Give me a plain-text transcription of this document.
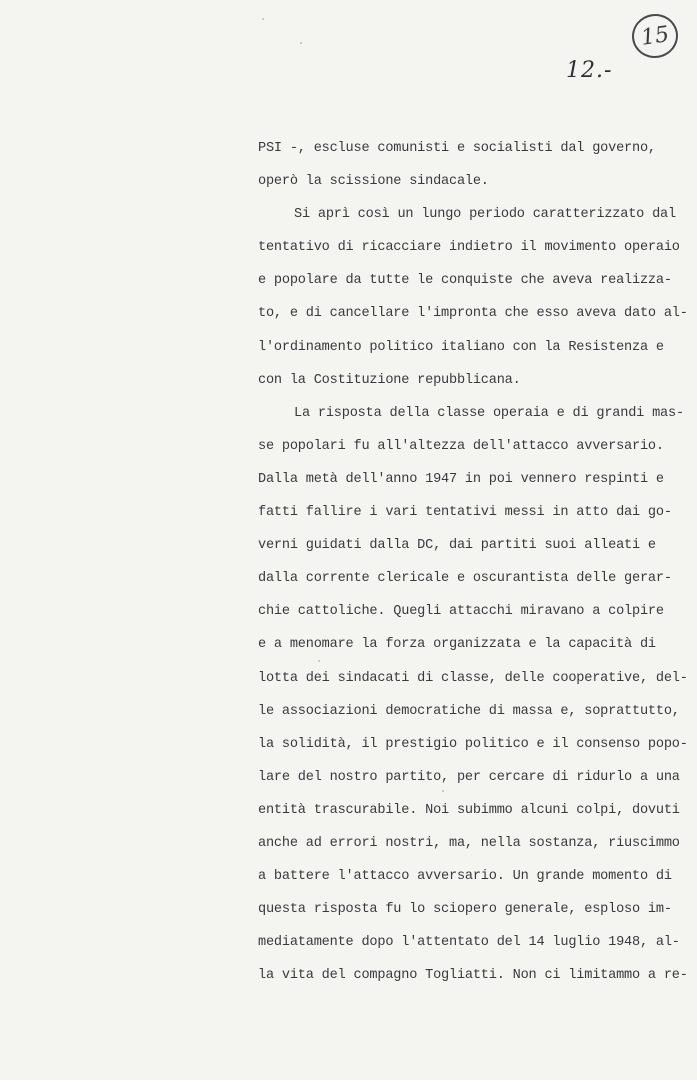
15
12.-
PSI -, escluse comunisti e socialisti dal governo,
operò la scissione sindacale.
Si aprì così un lungo periodo caratterizzato dal
tentativo di ricacciare indietro il movimento operaio
e popolare da tutte le conquiste che aveva realizza-
to, e di cancellare l'impronta che esso aveva dato al-
l'ordinamento politico italiano con la Resistenza e
con la Costituzione repubblicana.
La risposta della classe operaia e di grandi mas-
se popolari fu all'altezza dell'attacco avversario.
Dalla metà dell'anno 1947 in poi vennero respinti e
fatti fallire i vari tentativi messi in atto dai go-
verni guidati dalla DC, dai partiti suoi alleati e
dalla corrente clericale e oscurantista delle gerar-
chie cattoliche. Quegli attacchi miravano a colpire
e a menomare la forza organizzata e la capacità di
lotta dei sindacati di classe, delle cooperative, del-
le associazioni democratiche di massa e, soprattutto,
la solidità, il prestigio politico e il consenso popo-
lare del nostro partito, per cercare di ridurlo a una
entità trascurabile. Noi subimmo alcuni colpi, dovuti
anche ad errori nostri, ma, nella sostanza, riuscimmo
a battere l'attacco avversario. Un grande momento di
questa risposta fu lo sciopero generale, esploso im-
mediatamente dopo l'attentato del 14 luglio 1948, al-
la vita del compagno Togliatti. Non ci limitammo a re-
